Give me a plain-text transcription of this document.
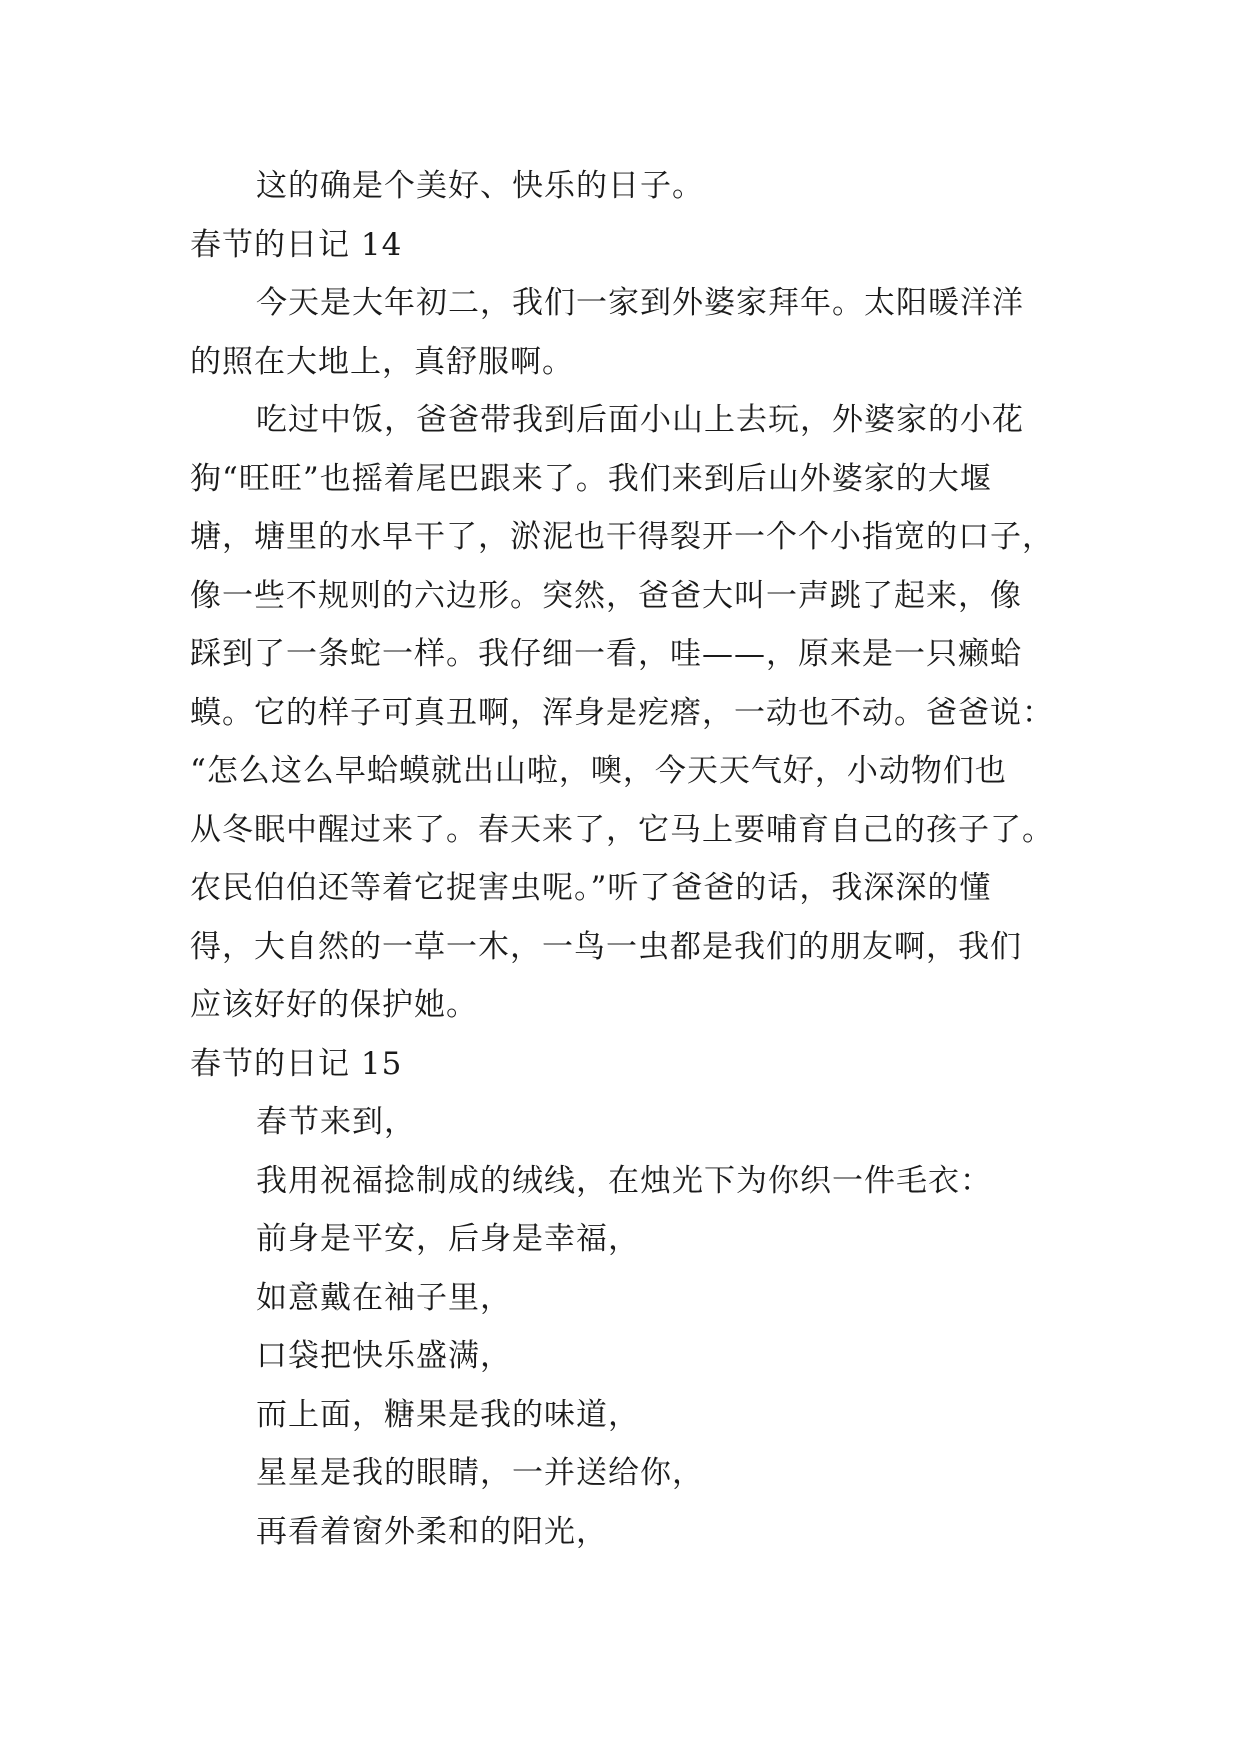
这的确是个美好、快乐的日子。
春节的日记 14
今天是大年初二，我们一家到外婆家拜年。太阳暖洋洋
的照在大地上，真舒服啊。
吃过中饭，爸爸带我到后面小山上去玩，外婆家的小花
狗“旺旺”也摇着尾巴跟来了。我们来到后山外婆家的大堰
塘，塘里的水早干了，淤泥也干得裂开一个个小指宽的口子，
像一些不规则的六边形。突然，爸爸大叫一声跳了起来，像
踩到了一条蛇一样。我仔细一看，哇——，原来是一只癞蛤
蟆。它的样子可真丑啊，浑身是疙瘩，一动也不动。爸爸说：
“怎么这么早蛤蟆就出山啦，噢，今天天气好，小动物们也
从冬眠中醒过来了。春天来了，它马上要哺育自己的孩子了。
农民伯伯还等着它捉害虫呢。”听了爸爸的话，我深深的懂
得，大自然的一草一木，一鸟一虫都是我们的朋友啊，我们
应该好好的保护她。
春节的日记 15
春节来到，
我用祝福捻制成的绒线，在烛光下为你织一件毛衣：
前身是平安，后身是幸福，
如意戴在袖子里，
口袋把快乐盛满，
而上面，糖果是我的味道，
星星是我的眼睛，一并送给你，
再看着窗外柔和的阳光，
